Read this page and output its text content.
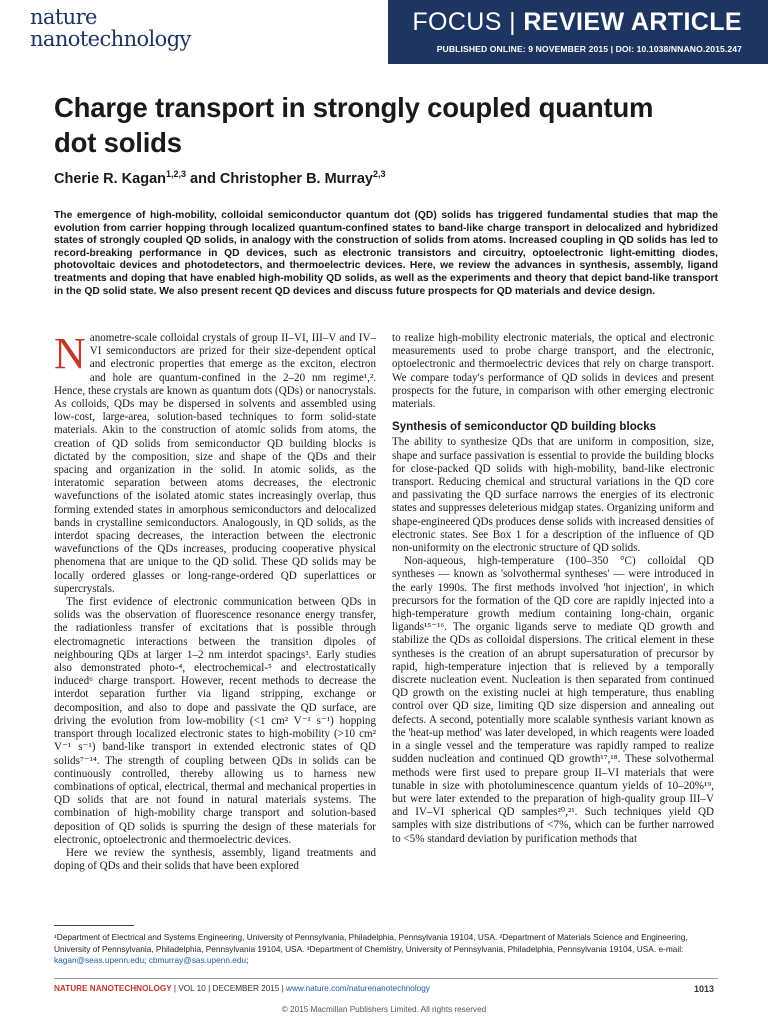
nature
nanotechnology
FOCUS | REVIEW ARTICLE
PUBLISHED ONLINE: 9 NOVEMBER 2015 | DOI: 10.1038/NNANO.2015.247
Charge transport in strongly coupled quantum dot solids
Cherie R. Kagan$^{1,2,3}$ and Christopher B. Murray$^{2,3}$

The emergence of high-mobility, colloidal semiconductor quantum dot (QD) solids has triggered fundamental studies that map the evolution from carrier hopping through localized quantum-confined states to band-like charge transport in delocalized and hybridized states of strongly coupled QD solids, in analogy with the construction of solids from atoms. Increased coupling in QD solids has led to record-breaking performance in QD devices, such as electronic transistors and circuitry, optoelectronic light-emitting diodes, photovoltaic devices and photodetectors, and thermoelectric devices. Here, we review the advances in synthesis, assembly, ligand treatments and doping that have enabled high-mobility QD solids, as well as the experiments and theory that depict band-like transport in the QD solid state. We also present recent QD devices and discuss future prospects for QD materials and device design.

Nanometre-scale colloidal crystals of group II–VI, III–V and IV–VI semiconductors are prized for their size-dependent optical and electronic properties that emerge as the exciton, electron and hole are quantum-confined in the 2–20 nm regime¹,². Hence, these crystals are known as quantum dots (QDs) or nanocrystals. As colloids, QDs may be dispersed in solvents and assembled using low-cost, large-area, solution-based techniques to form solid-state materials. Akin to the construction of atomic solids from atoms, the creation of QD solids from semiconductor QD building blocks is dictated by the composition, size and shape of the QDs and their spacing and organization in the solid. In atomic solids, as the interatomic separation between atoms decreases, the electronic wavefunctions of the isolated atomic states increasingly overlap, thus forming extended states in amorphous semiconductors and delocalized bands in crystalline semiconductors. Analogously, in QD solids, as the interdot spacing decreases, the interaction between the electronic wavefunctions of the QDs increases, producing cooperative physical phenomena that are unique to the QD solid. These QD solids may be locally ordered glasses or long-range-ordered QD superlattices or supercrystals.

The first evidence of electronic communication between QDs in solids was the observation of fluorescence resonance energy transfer, the radiationless transfer of excitations that is possible through electromagnetic interactions between the transition dipoles of neighbouring QDs at larger 1–2 nm interdot spacings³. Early studies also demonstrated photo-⁴, electrochemical-⁵ and electrostatically induced⁶ charge transport. However, recent methods to decrease the interdot separation further via ligand stripping, exchange or decomposition, and also to dope and passivate the QD surface, are driving the evolution from low-mobility (<1 cm² V⁻¹ s⁻¹) hopping transport through localized electronic states to high-mobility (>10 cm² V⁻¹ s⁻¹) band-like transport in extended electronic states of QD solids⁷⁻¹⁴. The strength of coupling between QDs in solids can be continuously controlled, thereby allowing us to harness new combinations of optical, electrical, thermal and mechanical properties in QD solids that are not found in natural materials systems. The combination of high-mobility charge transport and solution-based deposition of QD solids is spurring the design of these materials for electronic, optoelectronic and thermoelectric devices.

Here we review the synthesis, assembly, ligand treatments and doping of QDs and their solids that have been explored

to realize high-mobility electronic materials, the optical and electronic measurements used to probe charge transport, and the electronic, optoelectronic and thermoelectric devices that rely on charge transport. We compare today's performance of QD solids in devices and present prospects for the future, in comparison with other emerging electronic materials.

Synthesis of semiconductor QD building blocks

The ability to synthesize QDs that are uniform in composition, size, shape and surface passivation is essential to provide the building blocks for close-packed QD solids with high-mobility, band-like electronic transport. Reducing chemical and structural variations in the QD core and passivating the QD surface narrows the energies of its electronic states and suppresses deleterious midgap states. Organizing uniform and shape-engineered QDs produces dense solids with increased densities of electronic states. See Box 1 for a description of the influence of QD non-uniformity on the electronic structure of QD solids.

Non-aqueous, high-temperature (100–350 °C) colloidal QD syntheses — known as 'solvothermal syntheses' — were introduced in the early 1990s. The first methods involved 'hot injection', in which precursors for the formation of the QD core are rapidly injected into a high-temperature growth medium containing long-chain, organic ligands¹⁵⁻¹⁶. The organic ligands serve to mediate QD growth and stabilize the QDs as colloidal dispersions. The critical element in these syntheses is the creation of an abrupt supersaturation of precursor by rapid, high-temperature injection that is relieved by a temporally discrete nucleation event. Nucleation is then separated from continued QD growth on the existing nuclei at high temperature, thus enabling control over QD size, limiting QD size dispersion and annealing out defects. A second, potentially more scalable synthesis variant known as the 'heat-up method' was later developed, in which reagents were loaded in a single vessel and the temperature was rapidly ramped to realize sudden nucleation and continued QD growth¹⁷,¹⁸. These solvothermal methods were first used to prepare group II–VI materials that were tunable in size with photoluminescence quantum yields of 10–20%¹⁹, but were later extended to the preparation of high-quality group III–V and IV–VI spherical QD samples²⁰,²¹. Such techniques yield QD samples with size distributions of <7%, which can be further narrowed to <5% standard deviation by purification methods that

¹Department of Electrical and Systems Engineering, University of Pennsylvania, Philadelphia, Pennsylvania 19104, USA. ²Department of Materials Science and Engineering, University of Pennsylvania, Philadelphia, Pennsylvania 19104, USA. ³Department of Chemistry, University of Pennsylvania, Philadelphia, Pennsylvania 19104, USA. e-mail: kagan@seas.upenn.edu; cbmurray@sas.upenn.edu;

NATURE NANOTECHNOLOGY | VOL 10 | DECEMBER 2015 | www.nature.com/naturenanotechnology	1013
© 2015 Macmillan Publishers Limited. All rights reserved
